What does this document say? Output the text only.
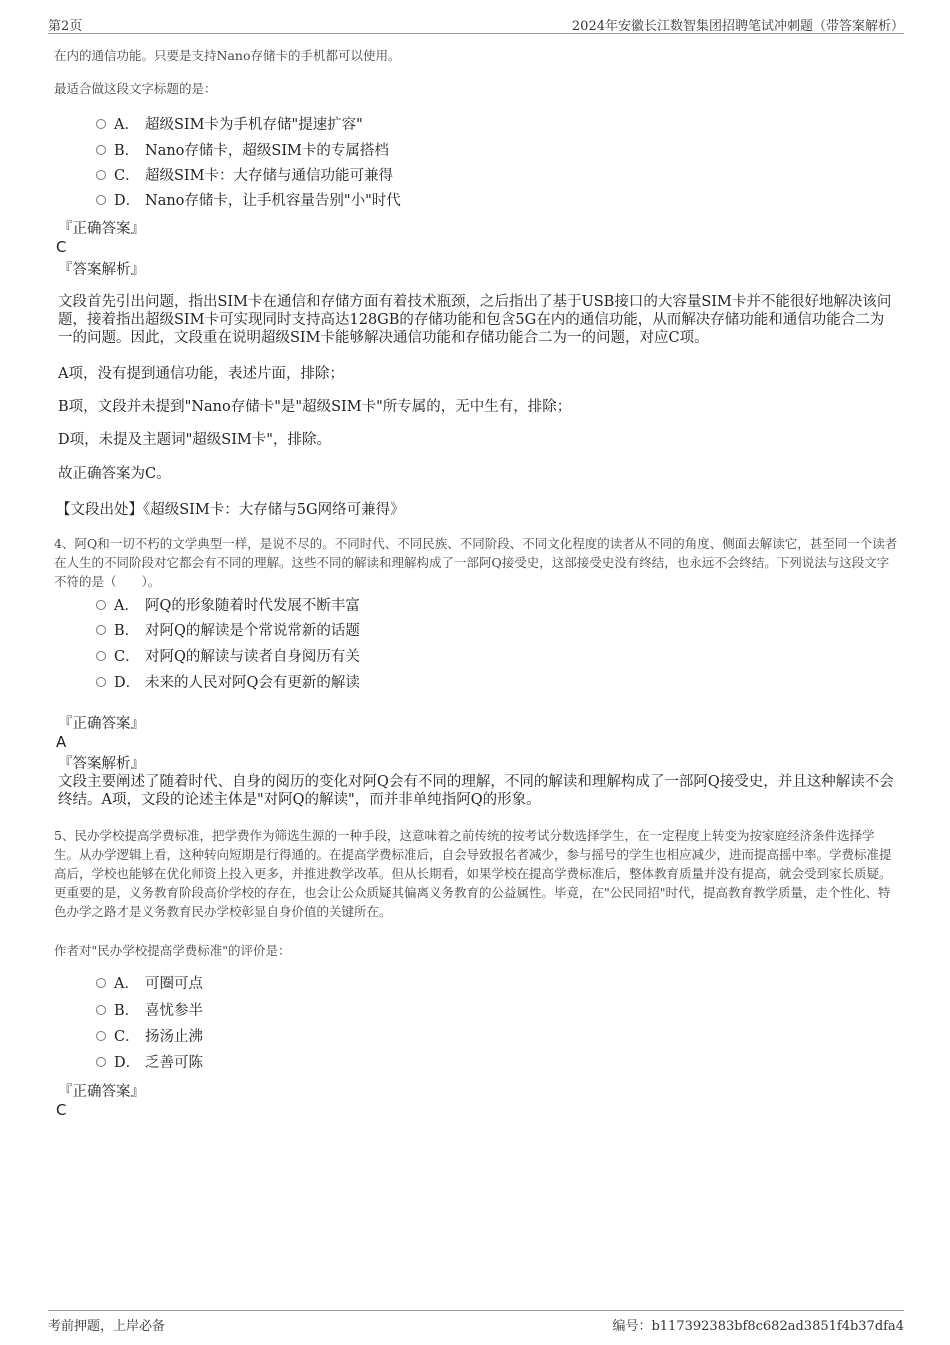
第2页	2024年安徽长江数智集团招聘笔试冲刺题（带答案解析）
在内的通信功能。只要是支持Nano存储卡的手机都可以使用。
最适合做这段文字标题的是：
A． 超级SIM卡为手机存储"提速扩容"
B． Nano存储卡，超级SIM卡的专属搭档
C． 超级SIM卡：大存储与通信功能可兼得
D． Nano存储卡，让手机容量告别"小"时代
『正确答案』
C
『答案解析』
文段首先引出问题，指出SIM卡在通信和存储方面有着技术瓶颈，之后指出了基于USB接口的大容量SIM卡并不能很好地解决该问题，接着指出超级SIM卡可实现同时支持高达128GB的存储功能和包含5G在内的通信功能，从而解决存储功能和通信功能合二为一的问题。因此，文段重在说明超级SIM卡能够解决通信功能和存储功能合二为一的问题，对应C项。
A项，没有提到通信功能，表述片面，排除；
B项，文段并未提到"Nano存储卡"是"超级SIM卡"所专属的，无中生有，排除；
D项，未提及主题词"超级SIM卡"，排除。
故正确答案为C。
【文段出处】《超级SIM卡：大存储与5G网络可兼得》
4、阿Q和一切不朽的文学典型一样，是说不尽的。不同时代、不同民族、不同阶段、不同文化程度的读者从不同的角度、侧面去解读它，甚至同一个读者在人生的不同阶段对它都会有不同的理解。这些不同的解读和理解构成了一部阿Q接受史，这部接受史没有终结，也永远不会终结。下列说法与这段文字不符的是（　　）。
A． 阿Q的形象随着时代发展不断丰富
B． 对阿Q的解读是个常说常新的话题
C． 对阿Q的解读与读者自身阅历有关
D． 未来的人民对阿Q会有更新的解读
『正确答案』
A
『答案解析』
文段主要阐述了随着时代、自身的阅历的变化对阿Q会有不同的理解，不同的解读和理解构成了一部阿Q接受史，并且这种解读不会终结。A项，文段的论述主体是"对阿Q的解读"，而并非单纯指阿Q的形象。
5、民办学校提高学费标准，把学费作为筛选生源的一种手段，这意味着之前传统的按考试分数选择学生，在一定程度上转变为按家庭经济条件选择学生。从办学逻辑上看，这种转向短期是行得通的。在提高学费标准后，自会导致报名者减少，参与摇号的学生也相应减少，进而提高摇中率。学费标准提高后，学校也能够在优化师资上投入更多，并推进教学改革。但从长期看，如果学校在提高学费标准后，整体教育质量并没有提高，就会受到家长质疑。更重要的是，义务教育阶段高价学校的存在，也会让公众质疑其偏离义务教育的公益属性。毕竟，在"公民同招"时代，提高教育教学质量，走个性化、特色办学之路才是义务教育民办学校彰显自身价值的关键所在。
作者对"民办学校提高学费标准"的评价是：
A． 可圈可点
B． 喜忧参半
C． 扬汤止沸
D． 乏善可陈
『正确答案』
C
考前押题，上岸必备	编号：b117392383bf8c682ad3851f4b37dfa4
